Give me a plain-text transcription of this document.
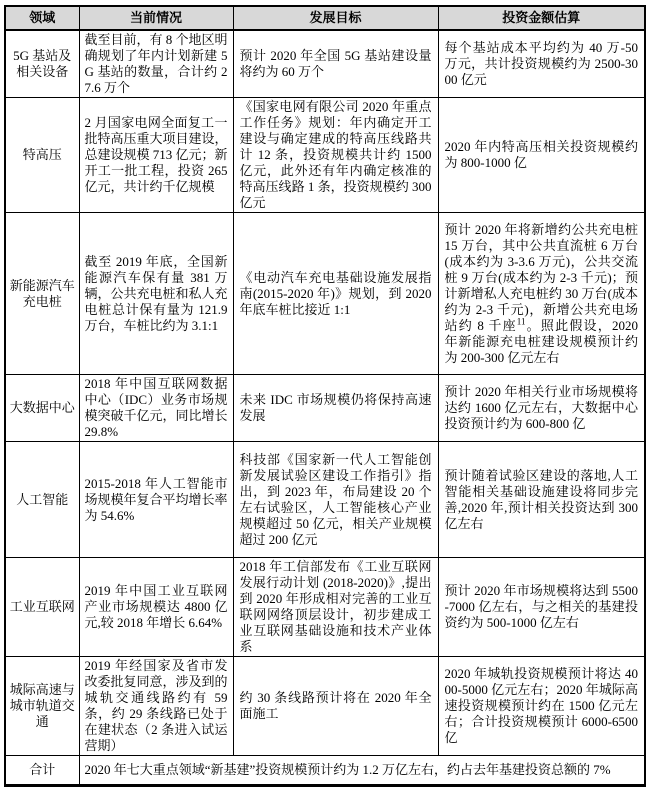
领域	当前情况	发展目标	投资金额估算
5G 基站及相关设备	截至目前，有 8 个地区明确规划了年内计划新建 5G 基站的数量，合计约 27.6 万个	预计 2020 年全国 5G 基站建设量将约为 60 万个	每个基站成本平均约为 40 万-50 万元，共计投资规模约为 2500-3000 亿元
特高压	2 月国家电网全面复工一批特高压重大项目建设，总建设规模 713 亿元；新开工一批工程，投资 265 亿元，共计约千亿规模	《国家电网有限公司 2020 年重点工作任务》规划：年内确定开工建设与确定建成的特高压线路共计 12 条，投资规模共计约 1500 亿元，此外还有年内确定核准的特高压线路 1 条，投资规模约 300 亿元	2020 年内特高压相关投资规模约为 800-1000 亿
新能源汽车充电桩	截至 2019 年底，全国新能源汽车保有量 381 万辆，公共充电桩和私人充电桩总计保有量为 121.9 万台，车桩比约为 3.1:1	《电动汽车充电基础设施发展指南(2015-2020 年)》规划，到 2020 年底车桩比接近 1:1	预计 2020 年将新增约公共充电桩 15 万台，其中公共直流桩 6 万台(成本约为 3-3.6 万元)，公共交流桩 9 万台(成本约为 2-3 千元)；预计新增私人充电桩约 30 万台(成本约为 2-3 千元)，新增公共充电场站约 8 千座$^{11}$。照此假设，2020 年新能源充电桩建设规模预计约为 200-300 亿元左右
大数据中心	2018 年中国互联网数据中心（IDC）业务市场规模突破千亿元，同比增长 29.8%	未来 IDC 市场规模仍将保持高速发展	预计 2020 年相关行业市场规模将达约 1600 亿元左右，大数据中心投资预计约为 600-800 亿
人工智能	2015-2018 年人工智能市场规模年复合平均增长率为 54.6%	科技部《国家新一代人工智能创新发展试验区建设工作指引》指出，到 2023 年，布局建设 20 个左右试验区，人工智能核心产业规模超过 50 亿元，相关产业规模超过 200 亿元	预计随着试验区建设的落地,人工智能相关基础设施建设将同步完善,2020 年,预计相关投资达到 300 亿左右
工业互联网	2019 年中国工业互联网产业市场规模达 4800 亿元,较 2018 年增长 6.64%	2018 年工信部发布《工业互联网发展行动计划 (2018-2020)》,提出到 2020 年形成相对完善的工业互联网网络顶层设计，初步建成工业互联网基础设施和技术产业体系	预计 2020 年市场规模将达到 5500-7000 亿左右，与之相关的基建投资约为 500-1000 亿左右
城际高速与城市轨道交通	2019 年经国家及省市发改委批复同意，涉及到的城轨交通线路约有 59 条，约 29 条线路已处于在建状态（2 条进入试运营期）	约 30 条线路预计将在 2020 年全面施工	2020 年城轨投资规模预计将达 4000-5000 亿元左右；2020 年城际高速投资规模预计约在 1500 亿元左右；合计投资规模预计 6000-6500 亿
合计	2020 年七大重点领域“新基建”投资规模预计约为 1.2 万亿左右，约占去年基建投资总额的 7%		
